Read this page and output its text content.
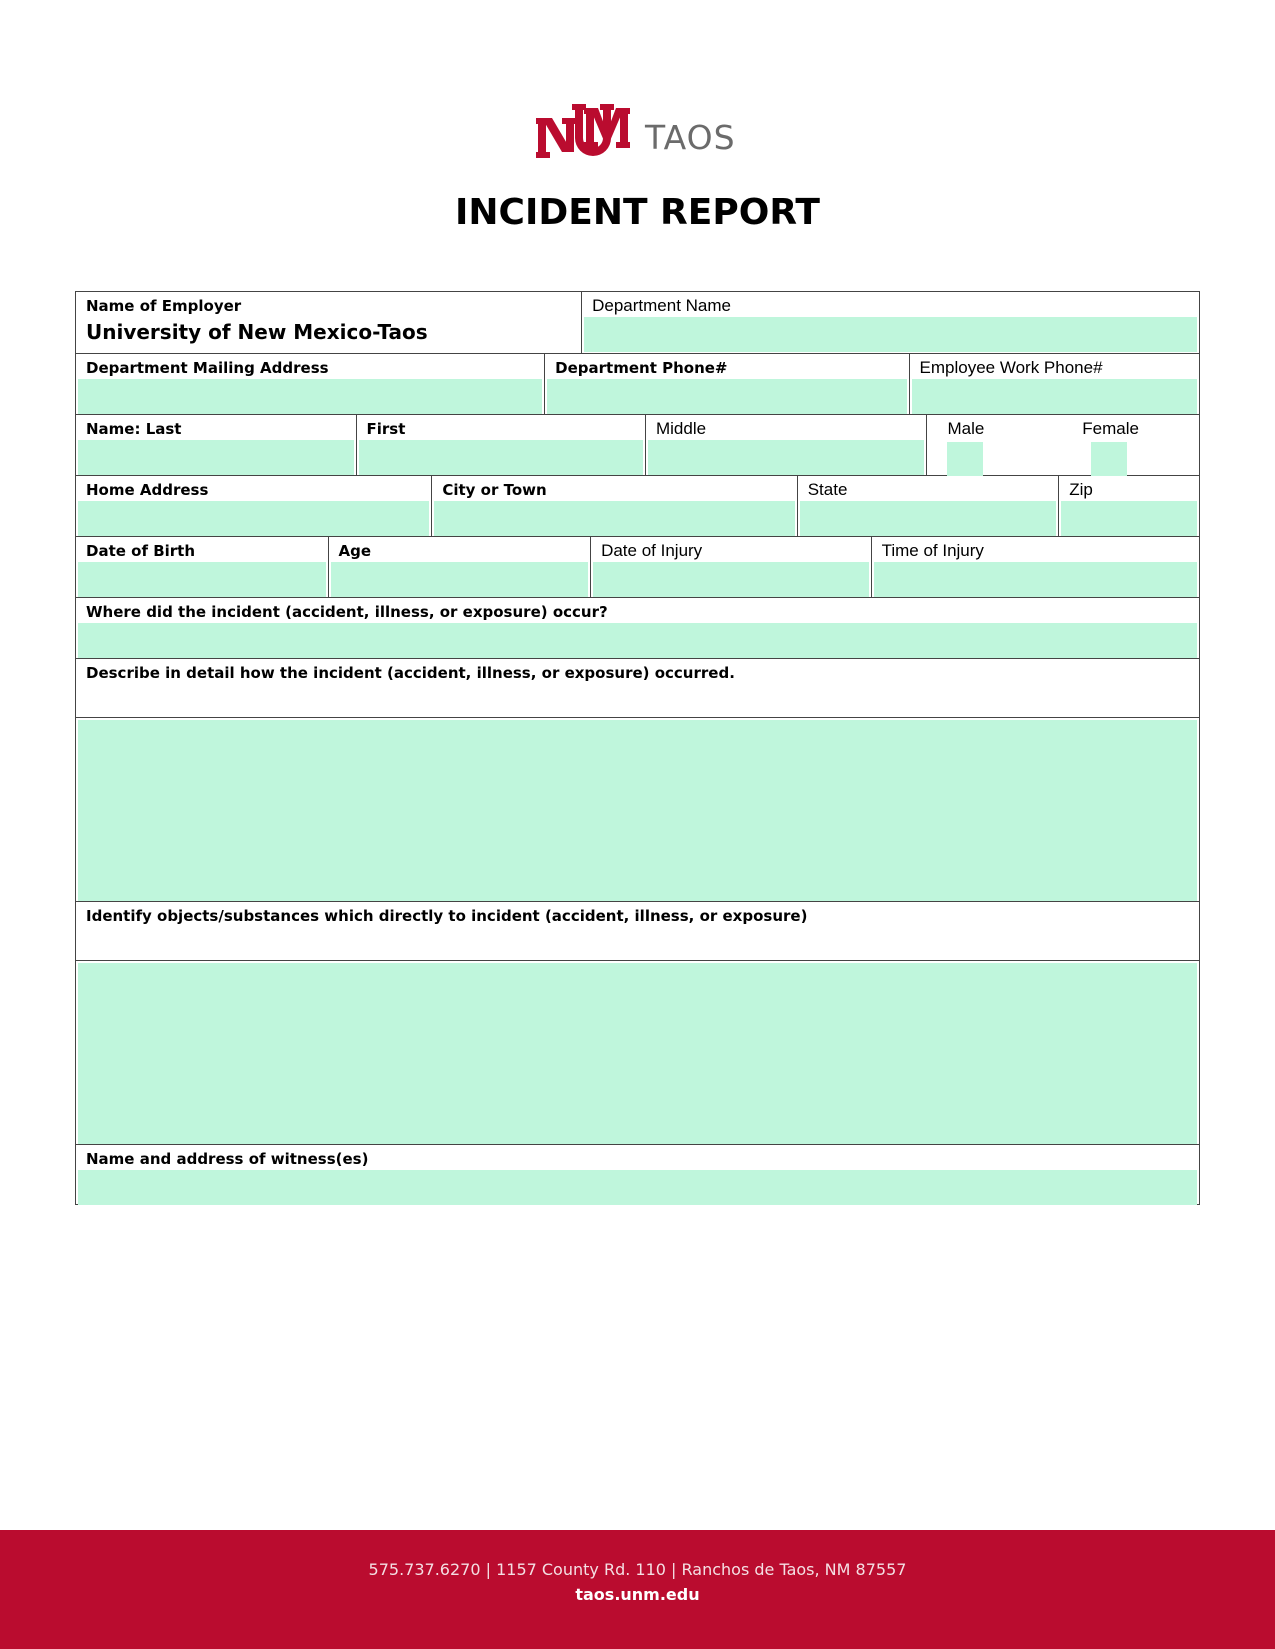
TAOS
INCIDENT REPORT
Name of Employer
University of New Mexico-Taos
Department Name
Department Mailing Address	Department Phone#	Employee Work Phone#
Name: Last	First	Middle	Male	Female
Home Address	City or Town	State	Zip
Date of Birth	Age	Date of Injury	Time of Injury
Where did the incident (accident, illness, or exposure) occur?
Describe in detail how the incident (accident, illness, or exposure) occurred.
Identify objects/substances which directly to incident (accident, illness, or exposure)
Name and address of witness(es)
575.737.6270 | 1157 County Rd. 110 | Ranchos de Taos, NM 87557
taos.unm.edu
